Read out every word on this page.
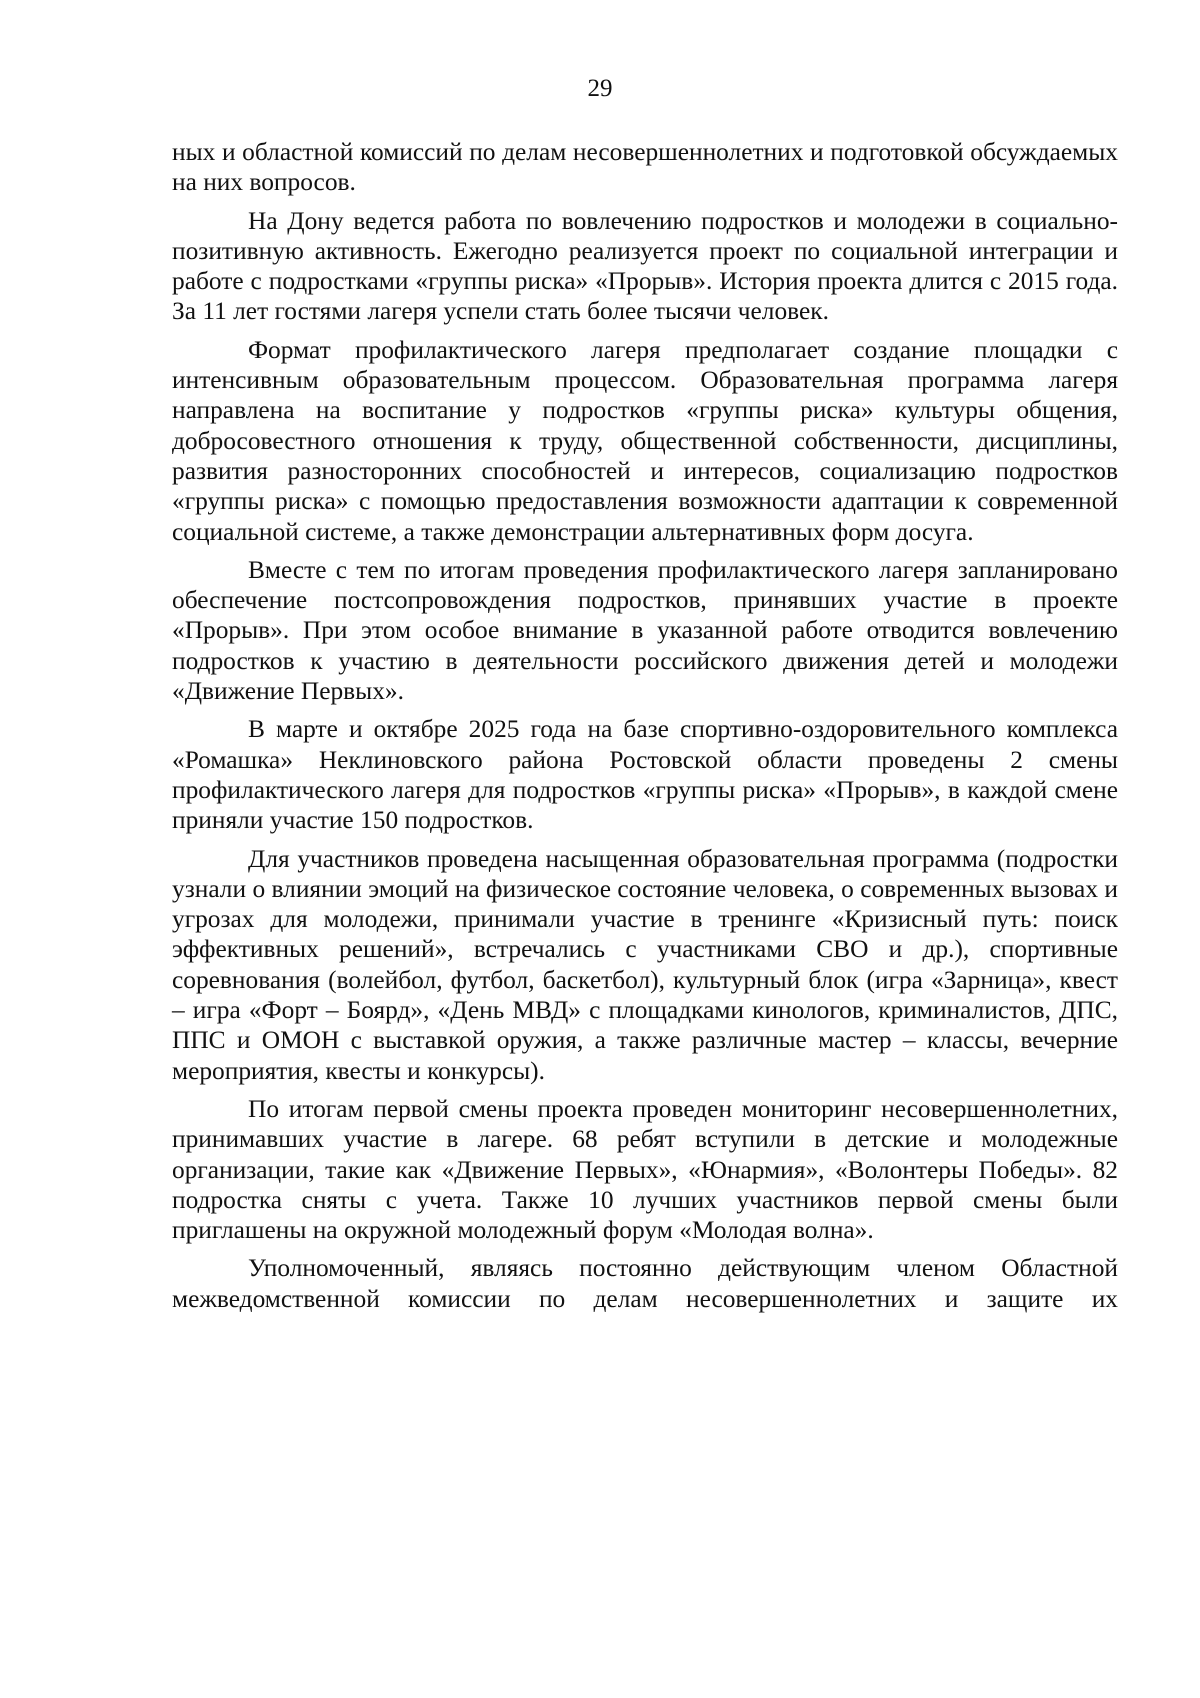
29

ных и областной комиссий по делам несовершеннолетних и подготовкой обсуждаемых на них вопросов.

На Дону ведется работа по вовлечению подростков и молодежи в социально-позитивную активность. Ежегодно реализуется проект по социальной интеграции и работе с подростками «группы риска» «Прорыв». История проекта длится с 2015 года. За 11 лет гостями лагеря успели стать более тысячи человек.

Формат профилактического лагеря предполагает создание площадки с интенсивным образовательным процессом. Образовательная программа лагеря направлена на воспитание у подростков «группы риска» культуры общения, добросовестного отношения к труду, общественной собственности, дисциплины, развития разносторонних способностей и интересов, социализацию подростков «группы риска» с помощью предоставления возможности адаптации к современной социальной системе, а также демонстрации альтернативных форм досуга.

Вместе с тем по итогам проведения профилактического лагеря запланировано обеспечение постсопровождения подростков, принявших участие в проекте «Прорыв». При этом особое внимание в указанной работе отводится вовлечению подростков к участию в деятельности российского движения детей и молодежи «Движение Первых».

В марте и октябре 2025 года на базе спортивно-оздоровительного комплекса «Ромашка» Неклиновского района Ростовской области проведены 2 смены профилактического лагеря для подростков «группы риска» «Прорыв», в каждой смене приняли участие 150 подростков.

Для участников проведена насыщенная образовательная программа (подростки узнали о влиянии эмоций на физическое состояние человека, о современных вызовах и угрозах для молодежи, принимали участие в тренинге «Кризисный путь: поиск эффективных решений», встречались с участниками СВО и др.), спортивные соревнования (волейбол, футбол, баскетбол), культурный блок (игра «Зарница», квест – игра «Форт – Боярд», «День МВД» с площадками кинологов, криминалистов, ДПС, ППС и ОМОН с выставкой оружия, а также различные мастер – классы, вечерние мероприятия, квесты и конкурсы).

По итогам первой смены проекта проведен мониторинг несовершеннолетних, принимавших участие в лагере. 68 ребят вступили в детские и молодежные организации, такие как «Движение Первых», «Юнармия», «Волонтеры Победы». 82 подростка сняты с учета. Также 10 лучших участников первой смены были приглашены на окружной молодежный форум «Молодая волна».

Уполномоченный, являясь постоянно действующим членом Областной межведомственной комиссии по делам несовершеннолетних и защите их
